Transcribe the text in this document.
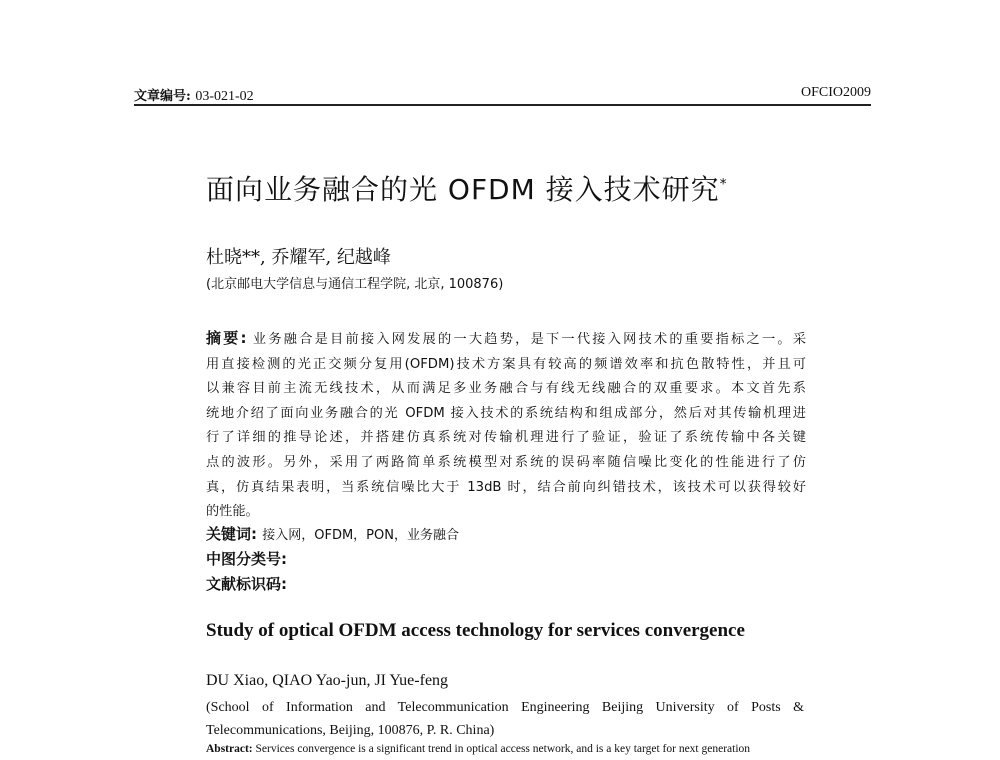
文章编号: 03-021-02	OFCIO2009
面向业务融合的光 OFDM 接入技术研究*
杜晓**, 乔耀军, 纪越峰
(北京邮电大学信息与通信工程学院, 北京, 100876)
摘要: 业务融合是目前接入网发展的一大趋势，是下一代接入网技术的重要指标之一。采
用直接检测的光正交频分复用(OFDM)技术方案具有较高的频谱效率和抗色散特性，并且可
以兼容目前主流无线技术，从而满足多业务融合与有线无线融合的双重要求。本文首先系
统地介绍了面向业务融合的光 OFDM 接入技术的系统结构和组成部分，然后对其传输机理进
行了详细的推导论述，并搭建仿真系统对传输机理进行了验证，验证了系统传输中各关键
点的波形。另外，采用了两路简单系统模型对系统的误码率随信噪比变化的性能进行了仿
真，仿真结果表明，当系统信噪比大于 13dB 时，结合前向纠错技术，该技术可以获得较好
的性能。
关键词: 接入网，OFDM，PON，业务融合
中图分类号:
文献标识码:
Study of optical OFDM access technology for services convergence
DU Xiao, QIAO Yao-jun, JI Yue-feng
(School of Information and Telecommunication Engineering Beijing University of Posts &
Telecommunications, Beijing, 100876, P. R. China)
Abstract: Services convergence is a significant trend in optical access network, and is a key target for next generation
